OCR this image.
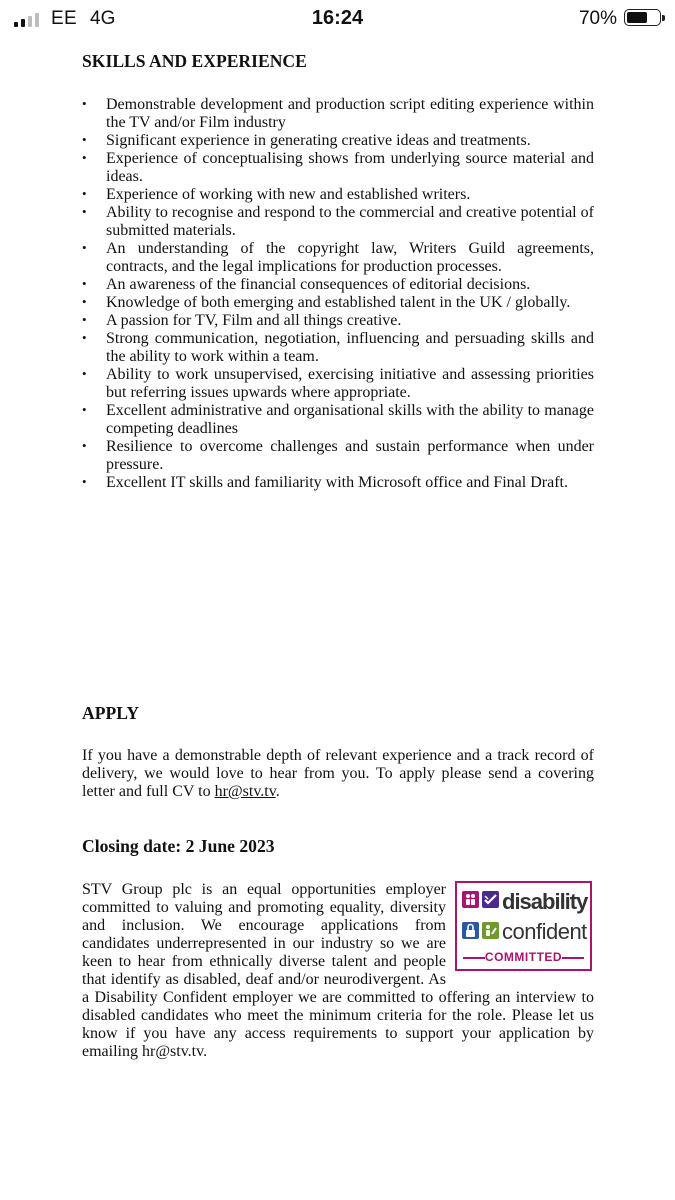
EE 4G	16:24	70%
SKILLS AND EXPERIENCE
•	Demonstrable development and production script editing experience within the TV and/or Film industry
•	Significant experience in generating creative ideas and treatments.
•	Experience of conceptualising shows from underlying source material and ideas.
•	Experience of working with new and established writers.
•	Ability to recognise and respond to the commercial and creative potential of submitted materials.
•	An understanding of the copyright law, Writers Guild agreements, contracts, and the legal implications for production processes.
•	An awareness of the financial consequences of editorial decisions.
•	Knowledge of both emerging and established talent in the UK / globally.
•	A passion for TV, Film and all things creative.
•	Strong communication, negotiation, influencing and persuading skills and the ability to work within a team.
•	Ability to work unsupervised, exercising initiative and assessing priorities but referring issues upwards where appropriate.
•	Excellent administrative and organisational skills with the ability to manage competing deadlines
•	Resilience to overcome challenges and sustain performance when under pressure.
•	Excellent IT skills and familiarity with Microsoft office and Final Draft.
APPLY

If you have a demonstrable depth of relevant experience and a track record of delivery, we would love to hear from you. To apply please send a covering letter and full CV to hr@stv.tv.

Closing date: 2 June 2023

STV Group plc is an equal opportunities employer committed to valuing and promoting equality, diversity and inclusion. We encourage applications from candidates underrepresented in our industry so we are keen to hear from ethnically diverse talent and people that identify as disabled, deaf and/or neurodivergent. As a Disability Confident employer we are committed to offering an interview to disabled candidates who meet the minimum criteria for the role. Please let us know if you have any access requirements to support your application by emailing hr@stv.tv.

disability
confident
COMMITTED
